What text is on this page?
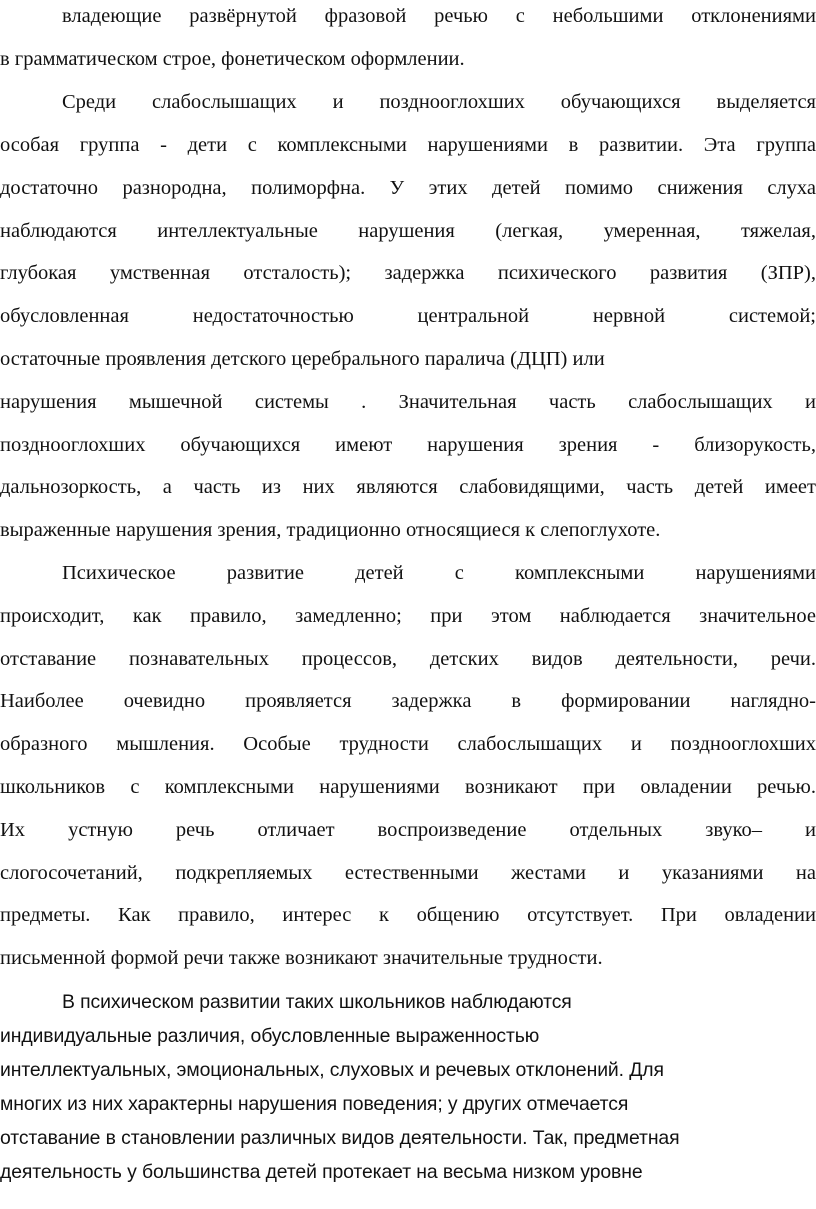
владеющие развёрнутой фразовой речью с небольшими отклонениями

в грамматическом строе, фонетическом оформлении.

Среди слабослышащих и позднооглохших обучающихся выделяется

особая группа - дети с комплексными нарушениями в развитии. Эта группа

достаточно разнородна, полиморфна. У этих детей помимо снижения слуха

наблюдаются интеллектуальные нарушения (легкая, умеренная, тяжелая,

глубокая умственная отсталость); задержка психического развития (ЗПР),

обусловленная недостаточностью центральной нервной системой;

остаточные проявления детского церебрального паралича (ДЦП) или

нарушения мышечной системы . Значительная часть слабослышащих и

позднооглохших обучающихся имеют нарушения зрения - близорукость,

дальнозоркость, а часть из них являются слабовидящими, часть детей имеет

выраженные нарушения зрения, традиционно относящиеся к слепоглухоте.

Психическое развитие детей с комплексными нарушениями

происходит, как правило, замедленно; при этом наблюдается значительное

отставание познавательных процессов, детских видов деятельности, речи.

Наиболее очевидно проявляется задержка в формировании наглядно-

образного мышления. Особые трудности слабослышащих и позднооглохших

школьников с комплексными нарушениями возникают при овладении речью.

Их устную речь отличает воспроизведение отдельных звуко– и

слогосочетаний, подкрепляемых естественными жестами и указаниями на

предметы. Как правило, интерес к общению отсутствует. При овладении

письменной формой речи также возникают значительные трудности.

В психическом развитии таких школьников наблюдаются

индивидуальные различия, обусловленные выраженностью

интеллектуальных, эмоциональных, слуховых и речевых отклонений. Для

многих из них характерны нарушения поведения; у других отмечается

отставание в становлении различных видов деятельности. Так, предметная

деятельность у большинства детей протекает на весьма низком уровне
